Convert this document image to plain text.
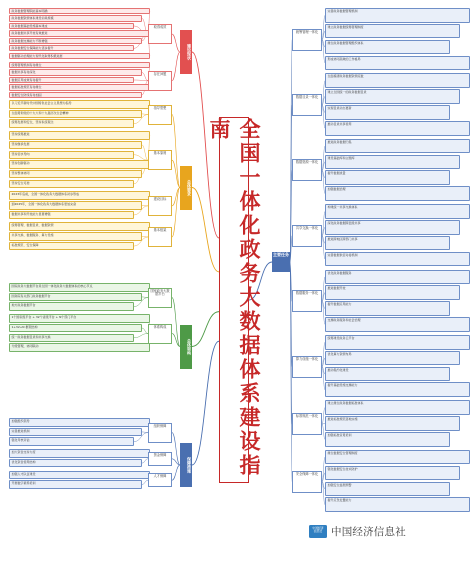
全国一体化政务大数据体系建设指南
建设现状
政务数据管理职能基本明确
政务数据资源体系建设初具规模
政务数据基础设施基本建成
政务数据共享开放有效推进
政务数据支撑能力不断增强
政务数据安全保障能力逐步提升
数据驱动治理能力现代化取得积极进展
取得成效
统筹管理机制有待健全
数据共享有待深化
数据应用成效有待提升
数据标准规范有待健全
数据安全防线有待加固
存在问题
总体要求
以习近平新时代中国特色社会主义思想为指导
全面贯彻党的十九大和十九届历次全会精神
统筹发展和安全，坚持系统观念
指导思想
坚持统筹推进
坚持继承发展
坚持需求导向
坚持创新驱动
坚持整体协同
坚持安全可控
基本原则
2023年底前，全国一体化政务大数据体系初步形成
到2025年，全国一体化政务大数据体系更加完备
数据共享和开放能力显著增强
建设目标
统筹管理、数据目录、数据资源
共享交换、数据服务、算力设施
标准规范、安全保障
基本框架
总体架构
国家政务大数据平台是全国一体化政务大数据体系的核心节点
国务院有关部门政务数据平台
地方政务数据平台
国家政务大数据平台
1个国家级平台 + 32个省级平台 + N个部门平台
1+32+N 框架结构
统一政务数据目录和共享交换
分级管理，协同联动
体系构成
保障措施
加强组织领导
完善推进机制
强化考核评估
组织保障
加大资金支持力度
优化资金使用结构
资金保障
加强人才队伍建设
开展数字素养培训
人才保障
主要任务
完善政务数据管理机制
建立政务数据统筹管理制度
健全政务数据管理组织体系
形成协同高效的工作格局
统筹管理一体化
全面摸清政务数据资源底数
建立全国统一的政务数据目录
实现目录动态更新
推动目录共享使用
数据目录一体化
推进政务数据归集
建设基础库和主题库
提升数据质量
加强数据治理
数据资源一体化
构建统一共享交换体系
深化政务数据跨层级共享
推进跨地区跨部门共享
完善数据供需对接机制
共享交换一体化
优化政务数据服务
推进数据开放
提升数据应用能力
支撑政务服务和社会治理
数据服务一体化
统筹建设政务云平台
优化算力资源布局
推动集约化建设
提升基础设施支撑能力
算力设施一体化
建立健全政务数据标准体系
推进标准规范落地实施
加强标准宣贯培训
标准规范一体化
健全数据安全管理制度
强化数据安全技术防护
加强安全监测预警
提升应急处置能力
安全保障一体化
中国经济
信息社 中国经济信息社
